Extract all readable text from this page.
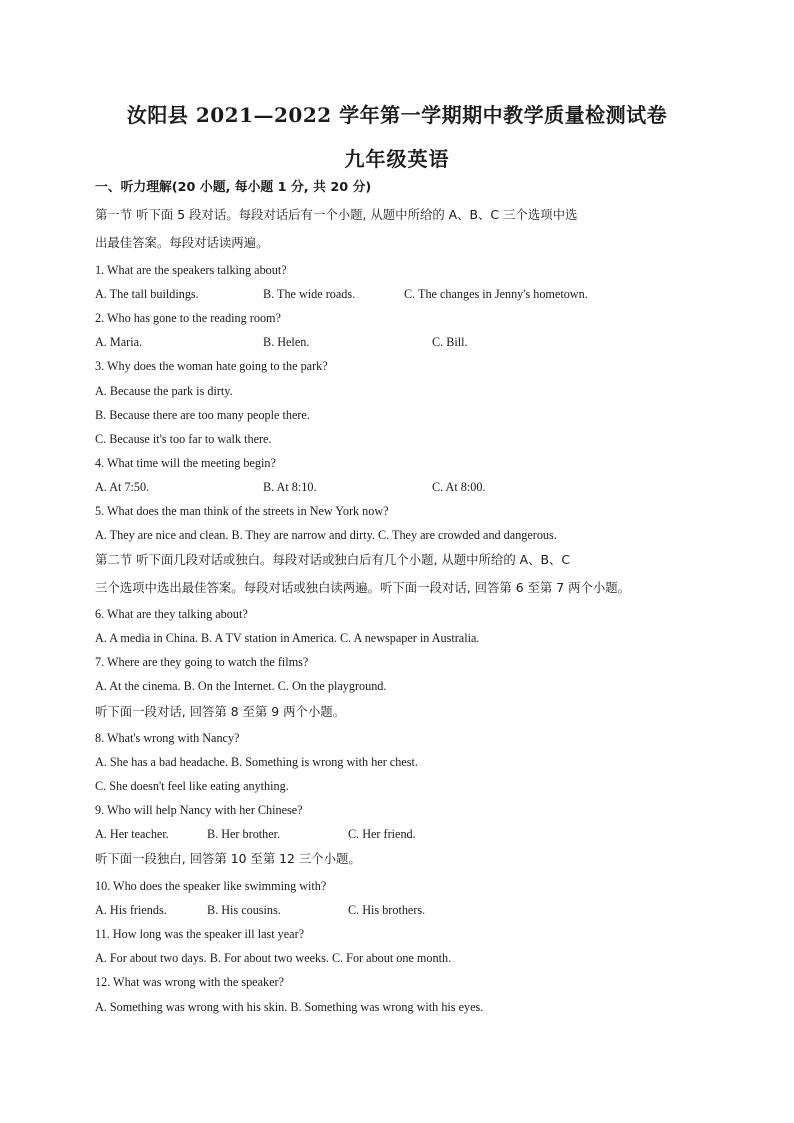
汝阳县 2021—2022 学年第一学期期中教学质量检测试卷
九年级英语

一、听力理解(20 小题, 每小题 1 分, 共 20 分)

第一节 听下面 5 段对话。每段对话后有一个小题, 从题中所给的 A、B、C 三个选项中选

出最佳答案。每段对话读两遍。

1. What are the speakers talking about?

A. The tall buildings.	B. The wide roads.	C. The changes in Jenny's hometown.

2. Who has gone to the reading room?

A. Maria.	B. Helen.	C. Bill.

3. Why does the woman hate going to the park?

A. Because the park is dirty.

B. Because there are too many people there.

C. Because it's too far to walk there.

4. What time will the meeting begin?

A. At 7:50.	B. At 8:10.	C. At 8:00.

5. What does the man think of the streets in New York now?

A. They are nice and clean. B. They are narrow and dirty. C. They are crowded and dangerous.

第二节 听下面几段对话或独白。每段对话或独白后有几个小题, 从题中所给的 A、B、C

三个选项中选出最佳答案。每段对话或独白读两遍。听下面一段对话, 回答第 6 至第 7 两个小题。

6. What are they talking about?

A. A media in China. B. A TV station in America. C. A newspaper in Australia.

7. Where are they going to watch the films?

A. At the cinema. B. On the Internet. C. On the playground.

听下面一段对话, 回答第 8 至第 9 两个小题。

8. What's wrong with Nancy?

A. She has a bad headache. B. Something is wrong with her chest.

C. She doesn't feel like eating anything.

9. Who will help Nancy with her Chinese?

A. Her teacher.	B. Her brother.	C. Her friend.

听下面一段独白, 回答第 10 至第 12 三个小题。

10. Who does the speaker like swimming with?

A. His friends.	B. His cousins.	C. His brothers.

11. How long was the speaker ill last year?

A. For about two days. B. For about two weeks. C. For about one month.

12. What was wrong with the speaker?

A. Something was wrong with his skin. B. Something was wrong with his eyes.
